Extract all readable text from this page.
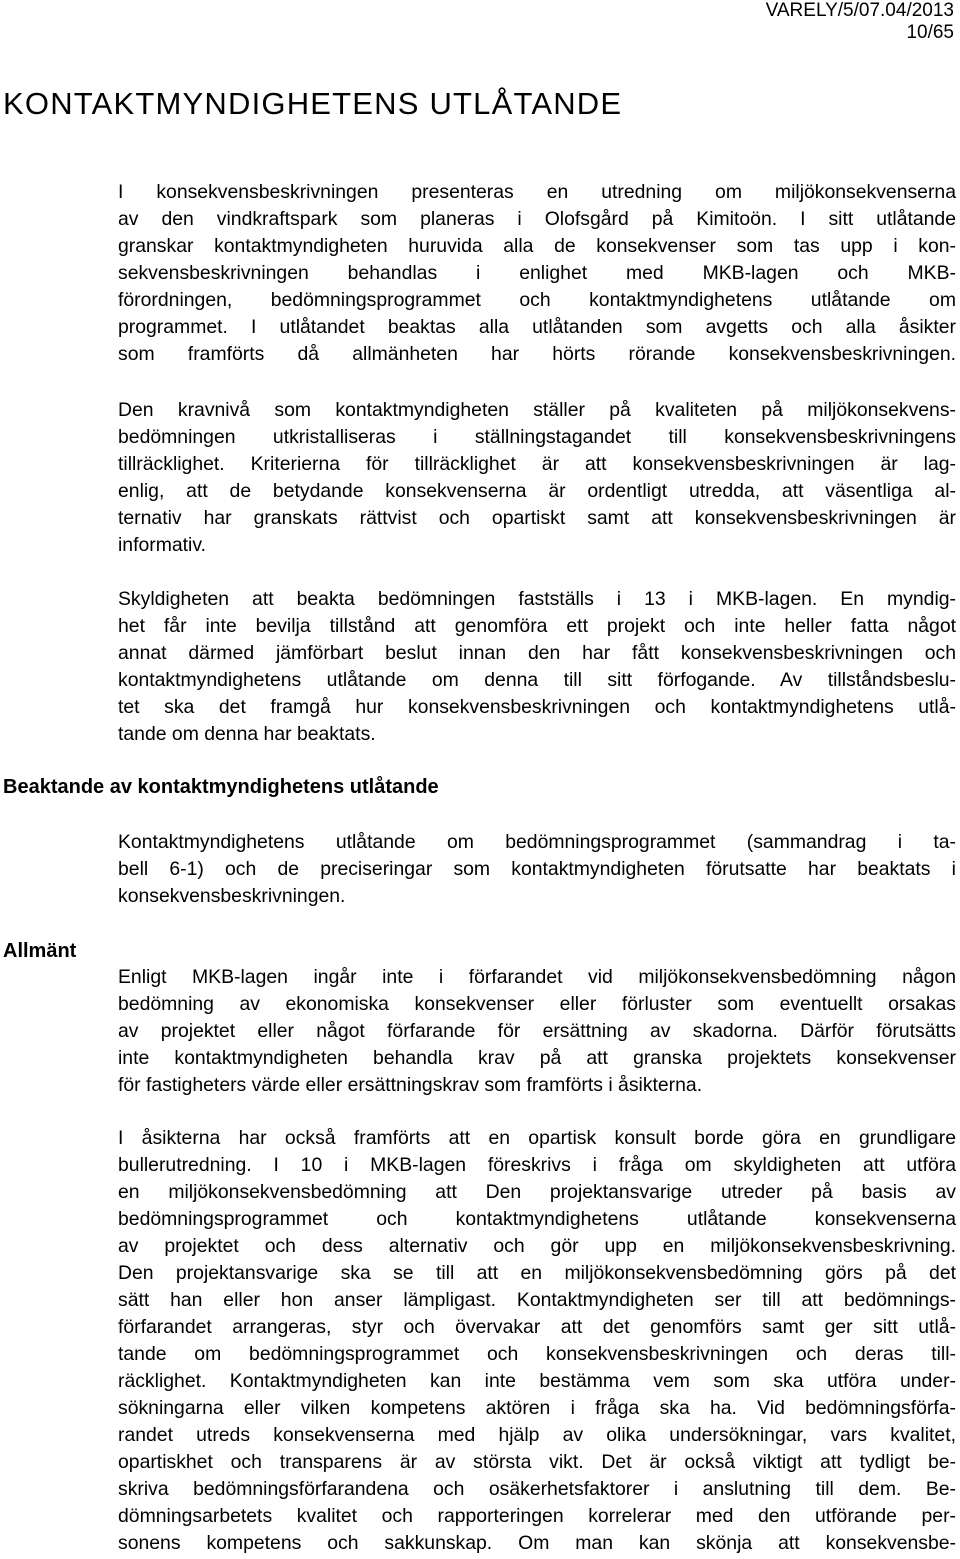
VARELY/5/07.04/2013
10/65
KONTAKTMYNDIGHETENS UTLÅTANDE
I konsekvensbeskrivningen presenteras en utredning om miljökonsekvenserna
av den vindkraftspark som planeras i Olofsgård på Kimitoön. I sitt utlåtande
granskar kontaktmyndigheten huruvida alla de konsekvenser som tas upp i kon-
sekvensbeskrivningen behandlas i enlighet med MKB-lagen och MKB-
förordningen, bedömningsprogrammet och kontaktmyndighetens utlåtande om
programmet. I utlåtandet beaktas alla utlåtanden som avgetts och alla åsikter
som framförts då allmänheten har hörts rörande konsekvensbeskrivningen.
Den kravnivå som kontaktmyndigheten ställer på kvaliteten på miljökonsekvens-
bedömningen utkristalliseras i ställningstagandet till konsekvensbeskrivningens
tillräcklighet. Kriterierna för tillräcklighet är att konsekvensbeskrivningen är lag-
enlig, att de betydande konsekvenserna är ordentligt utredda, att väsentliga al-
ternativ har granskats rättvist och opartiskt samt att konsekvensbeskrivningen är
informativ.
Skyldigheten att beakta bedömningen fastställs i 13 i MKB-lagen. En myndig-
het får inte bevilja tillstånd att genomföra ett projekt och inte heller fatta något
annat därmed jämförbart beslut innan den har fått konsekvensbeskrivningen och
kontaktmyndighetens utlåtande om denna till sitt förfogande. Av tillståndsbeslu-
tet ska det framgå hur konsekvensbeskrivningen och kontaktmyndighetens utlå-
tande om denna har beaktats.
Beaktande av kontaktmyndighetens utlåtande
Kontaktmyndighetens utlåtande om bedömningsprogrammet (sammandrag i ta-
bell 6-1) och de preciseringar som kontaktmyndigheten förutsatte har beaktats i
konsekvensbeskrivningen.
Allmänt
Enligt MKB-lagen ingår inte i förfarandet vid miljökonsekvensbedömning någon
bedömning av ekonomiska konsekvenser eller förluster som eventuellt orsakas
av projektet eller något förfarande för ersättning av skadorna. Därför förutsätts
inte kontaktmyndigheten behandla krav på att granska projektets konsekvenser
för fastigheters värde eller ersättningskrav som framförts i åsikterna.
I åsikterna har också framförts att en opartisk konsult borde göra en grundligare
bullerutredning. I 10 i MKB-lagen föreskrivs i fråga om skyldigheten att utföra
en miljökonsekvensbedömning att Den projektansvarige utreder på basis av
bedömningsprogrammet och kontaktmyndighetens utlåtande konsekvenserna
av projektet och dess alternativ och gör upp en miljökonsekvensbeskrivning.
Den projektansvarige ska se till att en miljökonsekvensbedömning görs på det
sätt han eller hon anser lämpligast. Kontaktmyndigheten ser till att bedömnings-
förfarandet arrangeras, styr och övervakar att det genomförs samt ger sitt utlå-
tande om bedömningsprogrammet och konsekvensbeskrivningen och deras till-
räcklighet. Kontaktmyndigheten kan inte bestämma vem som ska utföra under-
sökningarna eller vilken kompetens aktören i fråga ska ha. Vid bedömningsförfa-
randet utreds konsekvenserna med hjälp av olika undersökningar, vars kvalitet,
opartiskhet och transparens är av största vikt. Det är också viktigt att tydligt be-
skriva bedömningsförfarandena och osäkerhetsfaktorer i anslutning till dem. Be-
dömningsarbetets kvalitet och rapporteringen korrelerar med den utförande per-
sonens kompetens och sakkunskap. Om man kan skönja att konsekvensbe-
